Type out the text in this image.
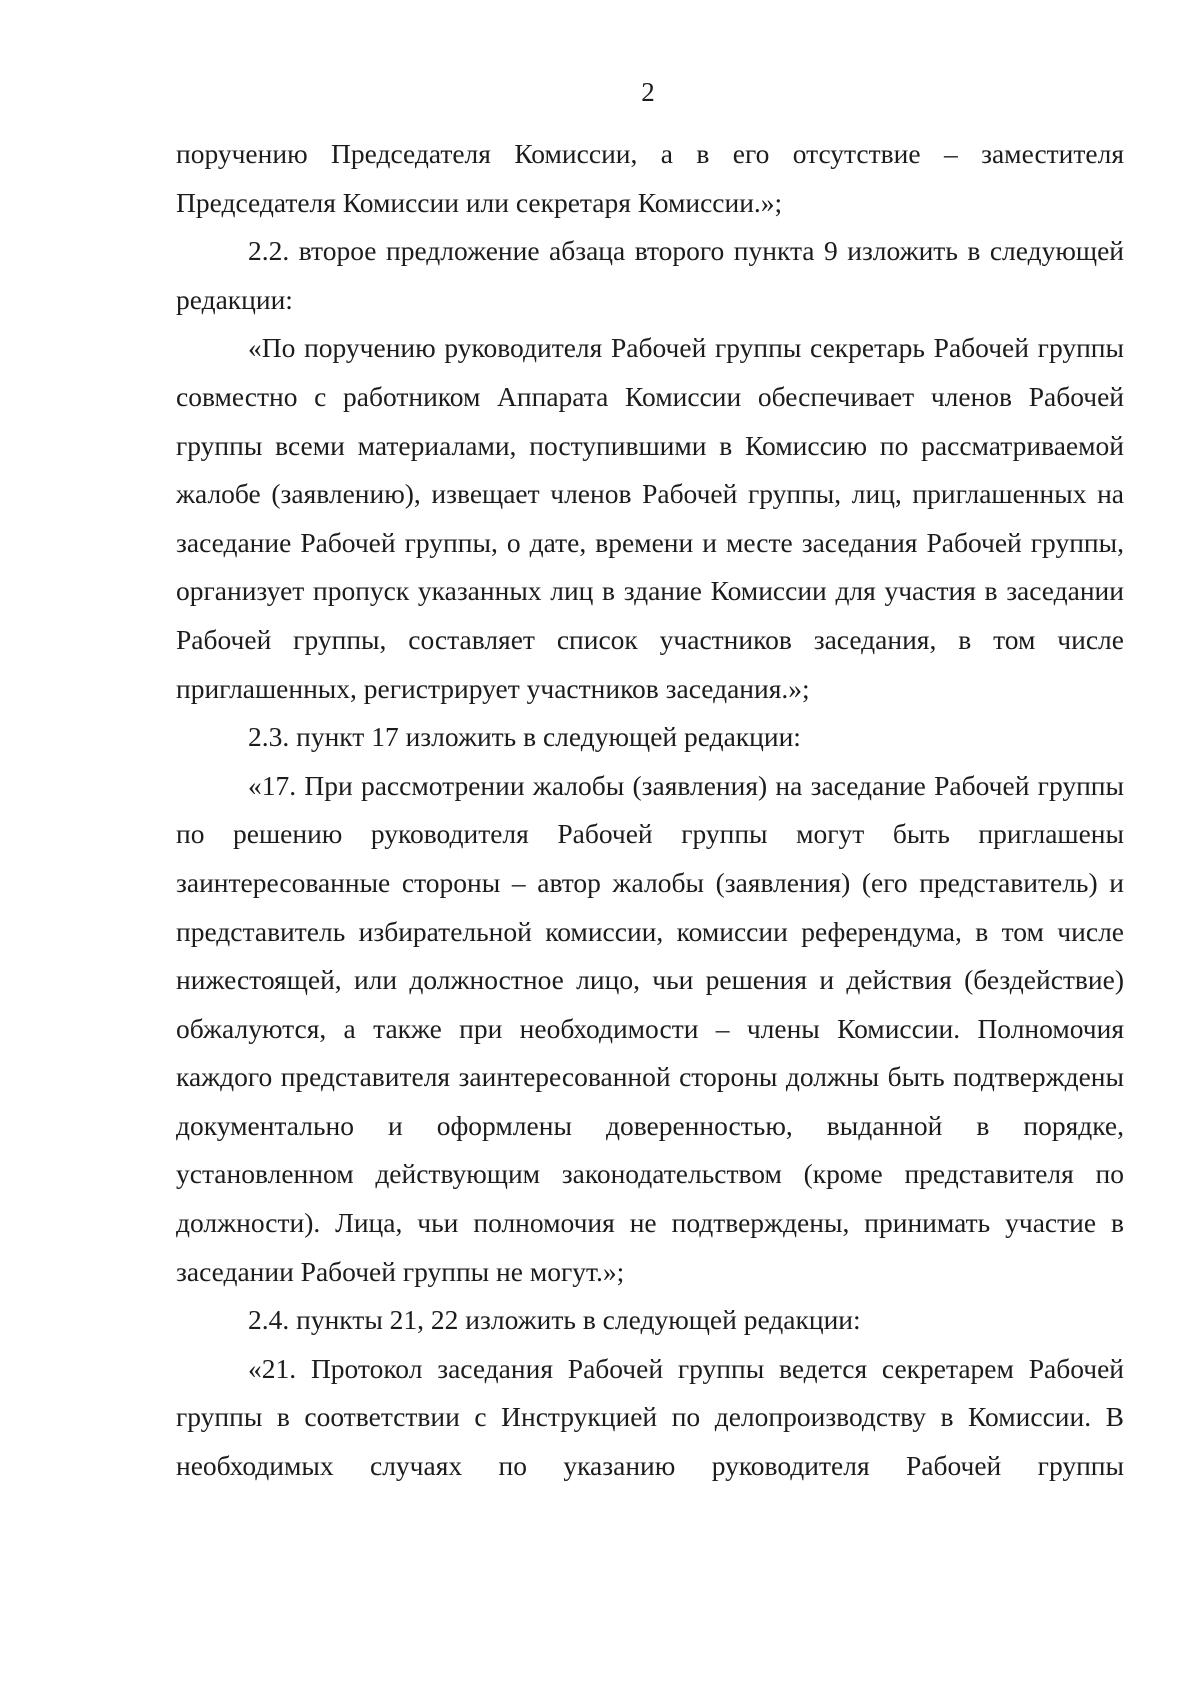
2

поручению Председателя Комиссии, а в его отсутствие – заместителя Председателя Комиссии или секретаря Комиссии.»;

2.2. второе предложение абзаца второго пункта 9 изложить в следующей редакции:

«По поручению руководителя Рабочей группы секретарь Рабочей группы совместно с работником Аппарата Комиссии обеспечивает членов Рабочей группы всеми материалами, поступившими в Комиссию по рассматриваемой жалобе (заявлению), извещает членов Рабочей группы, лиц, приглашенных на заседание Рабочей группы, о дате, времени и месте заседания Рабочей группы, организует пропуск указанных лиц в здание Комиссии для участия в заседании Рабочей группы, составляет список участников заседания, в том числе приглашенных, регистрирует участников заседания.»;

2.3. пункт 17 изложить в следующей редакции:

«17. При рассмотрении жалобы (заявления) на заседание Рабочей группы по решению руководителя Рабочей группы могут быть приглашены заинтересованные стороны – автор жалобы (заявления) (его представитель) и представитель избирательной комиссии, комиссии референдума, в том числе нижестоящей, или должностное лицо, чьи решения и действия (бездействие) обжалуются, а также при необходимости – члены Комиссии. Полномочия каждого представителя заинтересованной стороны должны быть подтверждены документально и оформлены доверенностью, выданной в порядке, установленном действующим законодательством (кроме представителя по должности). Лица, чьи полномочия не подтверждены, принимать участие в заседании Рабочей группы не могут.»;

2.4. пункты 21, 22 изложить в следующей редакции:

«21. Протокол заседания Рабочей группы ведется секретарем Рабочей группы в соответствии с Инструкцией по делопроизводству в Комиссии. В необходимых случаях по указанию руководителя Рабочей группы
